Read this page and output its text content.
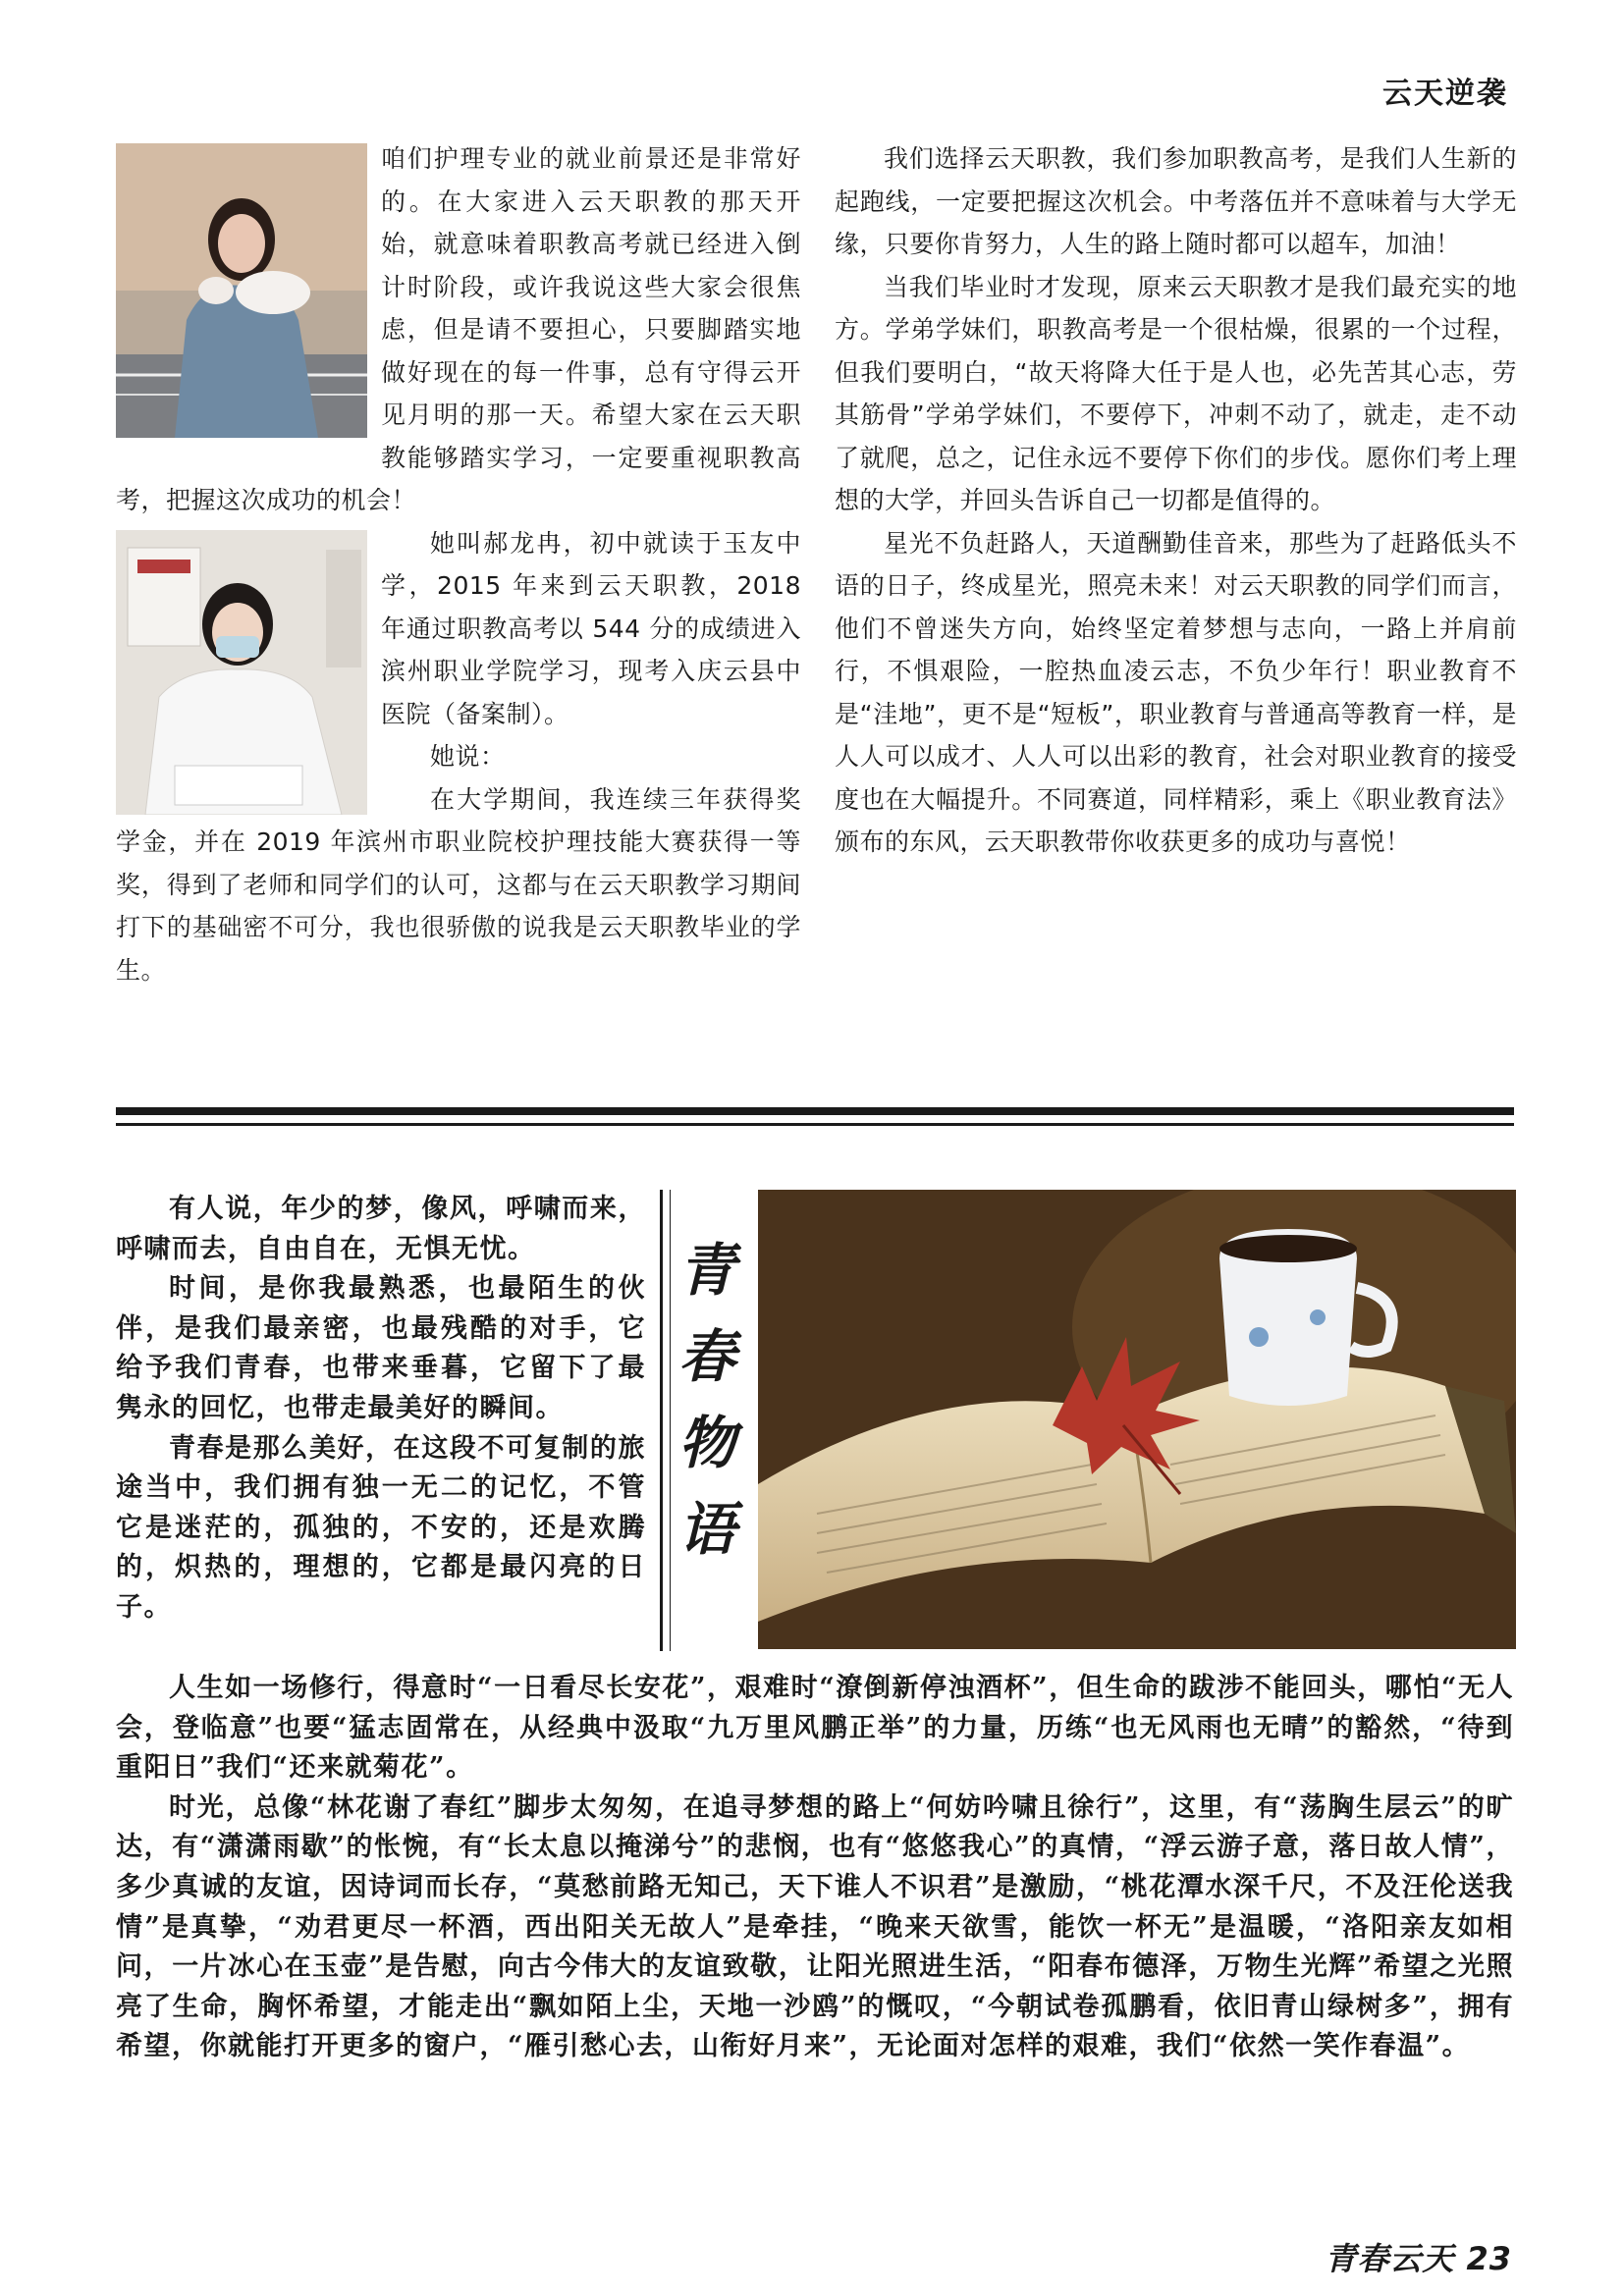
云天逆袭

咱们护理专业的就业前景还是非常好的。在大家进入云天职教的那天开始，就意味着职教高考就已经进入倒计时阶段，或许我说这些大家会很焦虑，但是请不要担心，只要脚踏实地做好现在的每一件事，总有守得云开见月明的那一天。希望大家在云天职教能够踏实学习，一定要重视职教高考，把握这次成功的机会！

她叫郝龙冉，初中就读于玉友中学，2015 年来到云天职教，2018 年通过职教高考以 544 分的成绩进入滨州职业学院学习，现考入庆云县中医院（备案制）。

她说：

在大学期间，我连续三年获得奖学金，并在 2019 年滨州市职业院校护理技能大赛获得一等奖，得到了老师和同学们的认可，这都与在云天职教学习期间打下的基础密不可分，我也很骄傲的说我是云天职教毕业的学生。

我们选择云天职教，我们参加职教高考，是我们人生新的起跑线，一定要把握这次机会。中考落伍并不意味着与大学无缘，只要你肯努力，人生的路上随时都可以超车，加油！

当我们毕业时才发现，原来云天职教才是我们最充实的地方。学弟学妹们，职教高考是一个很枯燥，很累的一个过程，但我们要明白，“故天将降大任于是人也，必先苦其心志，劳其筋骨”学弟学妹们，不要停下，冲刺不动了，就走，走不动了就爬，总之，记住永远不要停下你们的步伐。愿你们考上理想的大学，并回头告诉自己一切都是值得的。

星光不负赶路人，天道酬勤佳音来，那些为了赶路低头不语的日子，终成星光，照亮未来！对云天职教的同学们而言，他们不曾迷失方向，始终坚定着梦想与志向，一路上并肩前行，不惧艰险，一腔热血凌云志，不负少年行！职业教育不是“洼地”，更不是“短板”，职业教育与普通高等教育一样，是人人可以成才、人人可以出彩的教育，社会对职业教育的接受度也在大幅提升。不同赛道，同样精彩，乘上《职业教育法》颁布的东风，云天职教带你收获更多的成功与喜悦！

有人说，年少的梦，像风，呼啸而来，呼啸而去，自由自在，无惧无忧。

时间，是你我最熟悉，也最陌生的伙伴，是我们最亲密，也最残酷的对手，它给予我们青春，也带来垂暮，它留下了最隽永的回忆，也带走最美好的瞬间。

青春是那么美好，在这段不可复制的旅途当中，我们拥有独一无二的记忆，不管它是迷茫的，孤独的，不安的，还是欢腾的，炽热的，理想的，它都是最闪亮的日子。

青春物语

人生如一场修行，得意时“一日看尽长安花”，艰难时“潦倒新停浊酒杯”，但生命的跋涉不能回头，哪怕“无人会，登临意”也要“猛志固常在，从经典中汲取“九万里风鹏正举”的力量，历练“也无风雨也无晴”的豁然，“待到重阳日”我们“还来就菊花”。

时光，总像“林花谢了春红”脚步太匆匆，在追寻梦想的路上“何妨吟啸且徐行”，这里，有“荡胸生层云”的旷达，有“潇潇雨歇”的怅惋，有“长太息以掩涕兮”的悲悯，也有“悠悠我心”的真情，“浮云游子意，落日故人情”，多少真诚的友谊，因诗词而长存，“莫愁前路无知己，天下谁人不识君”是激励，“桃花潭水深千尺，不及汪伦送我情”是真挚，“劝君更尽一杯酒，西出阳关无故人”是牵挂，“晚来天欲雪，能饮一杯无”是温暖，“洛阳亲友如相问，一片冰心在玉壶”是告慰，向古今伟大的友谊致敬，让阳光照进生活，“阳春布德泽，万物生光辉”希望之光照亮了生命，胸怀希望，才能走出“飘如陌上尘，天地一沙鸥”的慨叹，“今朝试卷孤鹏看，依旧青山绿树多”，拥有希望，你就能打开更多的窗户，“雁引愁心去，山衔好月来”，无论面对怎样的艰难，我们“依然一笑作春温”。

青春云天 23
